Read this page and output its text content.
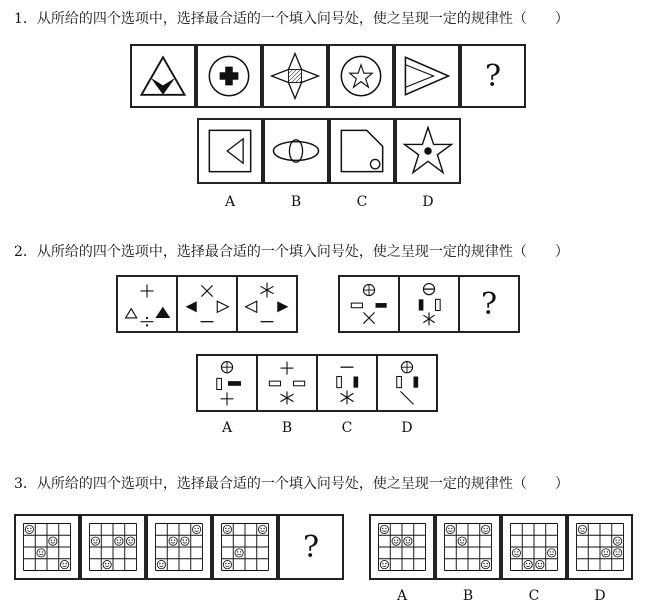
1．从所给的四个选项中，选择最合适的一个填入问号处，使之呈现一定的规律性（　　）
?
A	B	C	D
2．从所给的四个选项中，选择最合适的一个填入问号处，使之呈现一定的规律性（　　）
?
A	B	C	D
3．从所给的四个选项中，选择最合适的一个填入问号处，使之呈现一定的规律性（　　）
?
A	B	C	D
